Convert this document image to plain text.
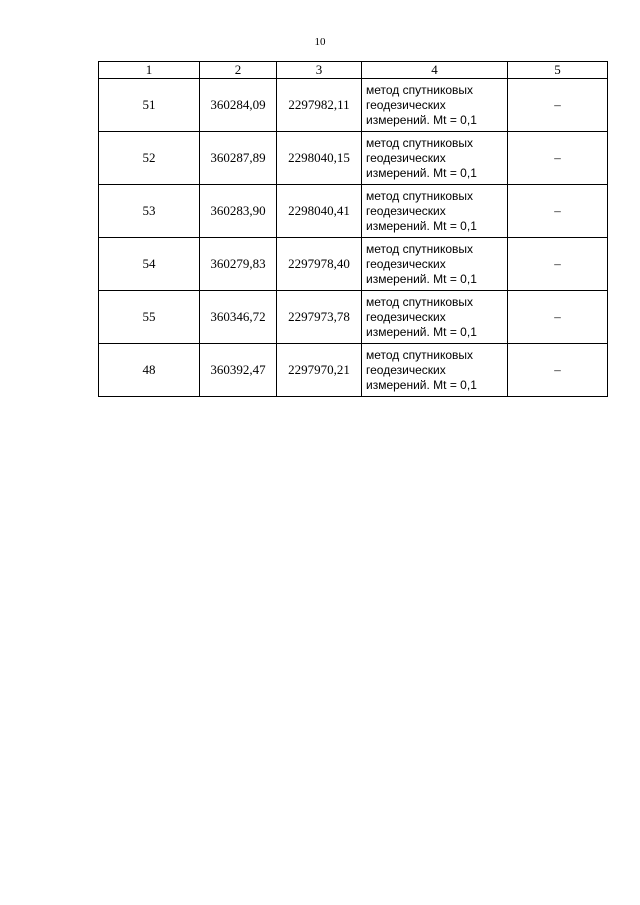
10
1	2	3	4	5
51	360284,09	2297982,11	метод спутниковых
геодезических
измерений. Mt = 0,1	–
52	360287,89	2298040,15	метод спутниковых
геодезических
измерений. Mt = 0,1	–
53	360283,90	2298040,41	метод спутниковых
геодезических
измерений. Mt = 0,1	–
54	360279,83	2297978,40	метод спутниковых
геодезических
измерений. Mt = 0,1	–
55	360346,72	2297973,78	метод спутниковых
геодезических
измерений. Mt = 0,1	–
48	360392,47	2297970,21	метод спутниковых
геодезических
измерений. Mt = 0,1	–
